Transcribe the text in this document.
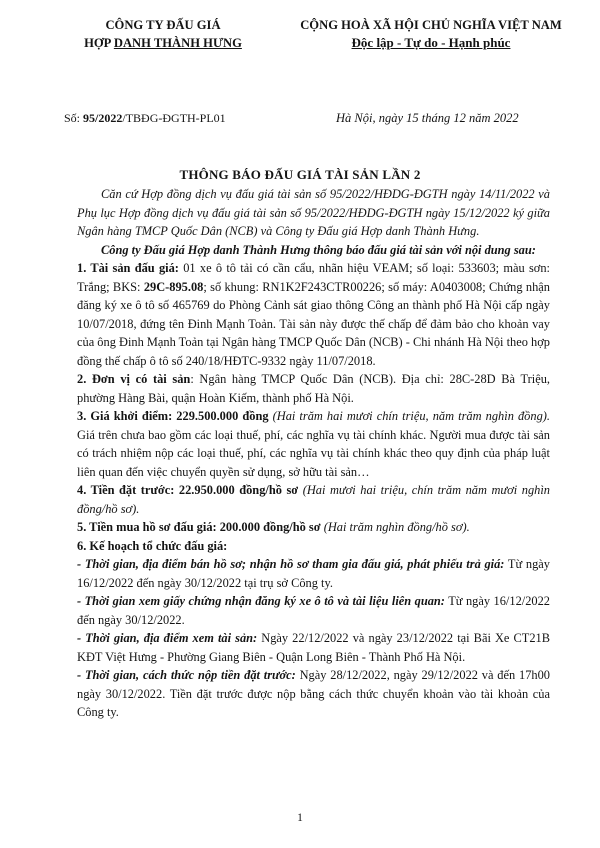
CÔNG TY ĐẤU GIÁ
HỢP DANH THÀNH HƯNG
CỘNG HOÀ XÃ HỘI CHỦ NGHĨA VIỆT NAM
Độc lập - Tự do - Hạnh phúc
Số: 95/2022/TBĐG-ĐGTH-PL01	Hà Nội, ngày 15 tháng 12 năm 2022
THÔNG BÁO ĐẤU GIÁ TÀI SẢN LẦN 2

Căn cứ Hợp đồng dịch vụ đấu giá tài sản số 95/2022/HĐDG-ĐGTH ngày 14/11/2022 và Phụ lục Hợp đồng dịch vụ đấu giá tài sản số 95/2022/HĐDG-ĐGTH ngày 15/12/2022 ký giữa Ngân hàng TMCP Quốc Dân (NCB) và Công ty Đấu giá Hợp danh Thành Hưng.

Công ty Đấu giá Hợp danh Thành Hưng thông báo đấu giá tài sản với nội dung sau:

1. Tài sản đấu giá: 01 xe ô tô tải có cần cẩu, nhãn hiệu VEAM; số loại: 533603; màu sơn: Trắng; BKS: 29C-895.08; số khung: RN1K2F243CTR00226; số máy: A0403008; Chứng nhận đăng ký xe ô tô số 465769 do Phòng Cảnh sát giao thông Công an thành phố Hà Nội cấp ngày 10/07/2018, đứng tên Đinh Mạnh Toản. Tài sản này được thế chấp để đảm bảo cho khoản vay của ông Đinh Mạnh Toản tại Ngân hàng TMCP Quốc Dân (NCB) - Chi nhánh Hà Nội theo hợp đồng thế chấp ô tô số 240/18/HĐTC-9332 ngày 11/07/2018.

2. Đơn vị có tài sản: Ngân hàng TMCP Quốc Dân (NCB). Địa chỉ: 28C-28D Bà Triệu, phường Hàng Bài, quận Hoàn Kiếm, thành phố Hà Nội.

3. Giá khởi điểm: 229.500.000 đồng (Hai trăm hai mươi chín triệu, năm trăm nghìn đồng). Giá trên chưa bao gồm các loại thuế, phí, các nghĩa vụ tài chính khác. Người mua được tài sản có trách nhiệm nộp các loại thuế, phí, các nghĩa vụ tài chính khác theo quy định của pháp luật liên quan đến việc chuyển quyền sử dụng, sở hữu tài sản…

4. Tiền đặt trước: 22.950.000 đồng/hồ sơ (Hai mươi hai triệu, chín trăm năm mươi nghìn đồng/hồ sơ).

5. Tiền mua hồ sơ đấu giá: 200.000 đồng/hồ sơ (Hai trăm nghìn đồng/hồ sơ).

6. Kế hoạch tổ chức đấu giá:

- Thời gian, địa điểm bán hồ sơ; nhận hồ sơ tham gia đấu giá, phát phiếu trả giá: Từ ngày 16/12/2022 đến ngày 30/12/2022 tại trụ sở Công ty.

- Thời gian xem giấy chứng nhận đăng ký xe ô tô và tài liệu liên quan: Từ ngày 16/12/2022 đến ngày 30/12/2022.

- Thời gian, địa điểm xem tài sản: Ngày 22/12/2022 và ngày 23/12/2022 tại Bãi Xe CT21B KĐT Việt Hưng - Phường Giang Biên - Quận Long Biên - Thành Phố Hà Nội.

- Thời gian, cách thức nộp tiền đặt trước: Ngày 28/12/2022, ngày 29/12/2022 và đến 17h00 ngày 30/12/2022. Tiền đặt trước được nộp bằng cách thức chuyển khoản vào tài khoản của Công ty.

1
